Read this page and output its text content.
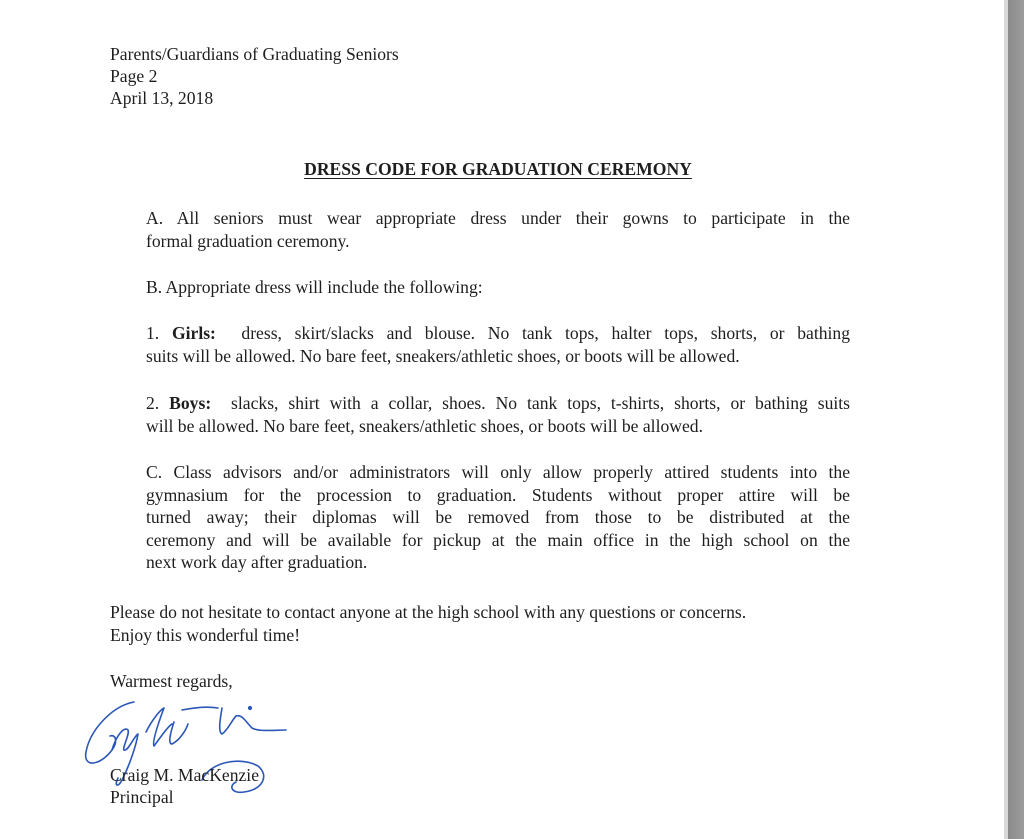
Parents/Guardians of Graduating Seniors

Page 2

April 13, 2018

DRESS CODE FOR GRADUATION CEREMONY
A. All seniors must wear appropriate dress under their gowns to participate in the
formal graduation ceremony.
B. Appropriate dress will include the following:
1. Girls: dress, skirt/slacks and blouse. No tank tops, halter tops, shorts, or bathing
suits will be allowed. No bare feet, sneakers/athletic shoes, or boots will be allowed.
2. Boys: slacks, shirt with a collar, shoes. No tank tops, t-shirts, shorts, or bathing suits
will be allowed. No bare feet, sneakers/athletic shoes, or boots will be allowed.
C. Class advisors and/or administrators will only allow properly attired students into the
gymnasium for the procession to graduation. Students without proper attire will be
turned away; their diplomas will be removed from those to be distributed at the
ceremony and will be available for pickup at the main office in the high school on the
next work day after graduation.

Please do not hesitate to contact anyone at the high school with any questions or concerns.

Enjoy this wonderful time!

Warmest regards,

Craig M. MacKenzie

Principal
